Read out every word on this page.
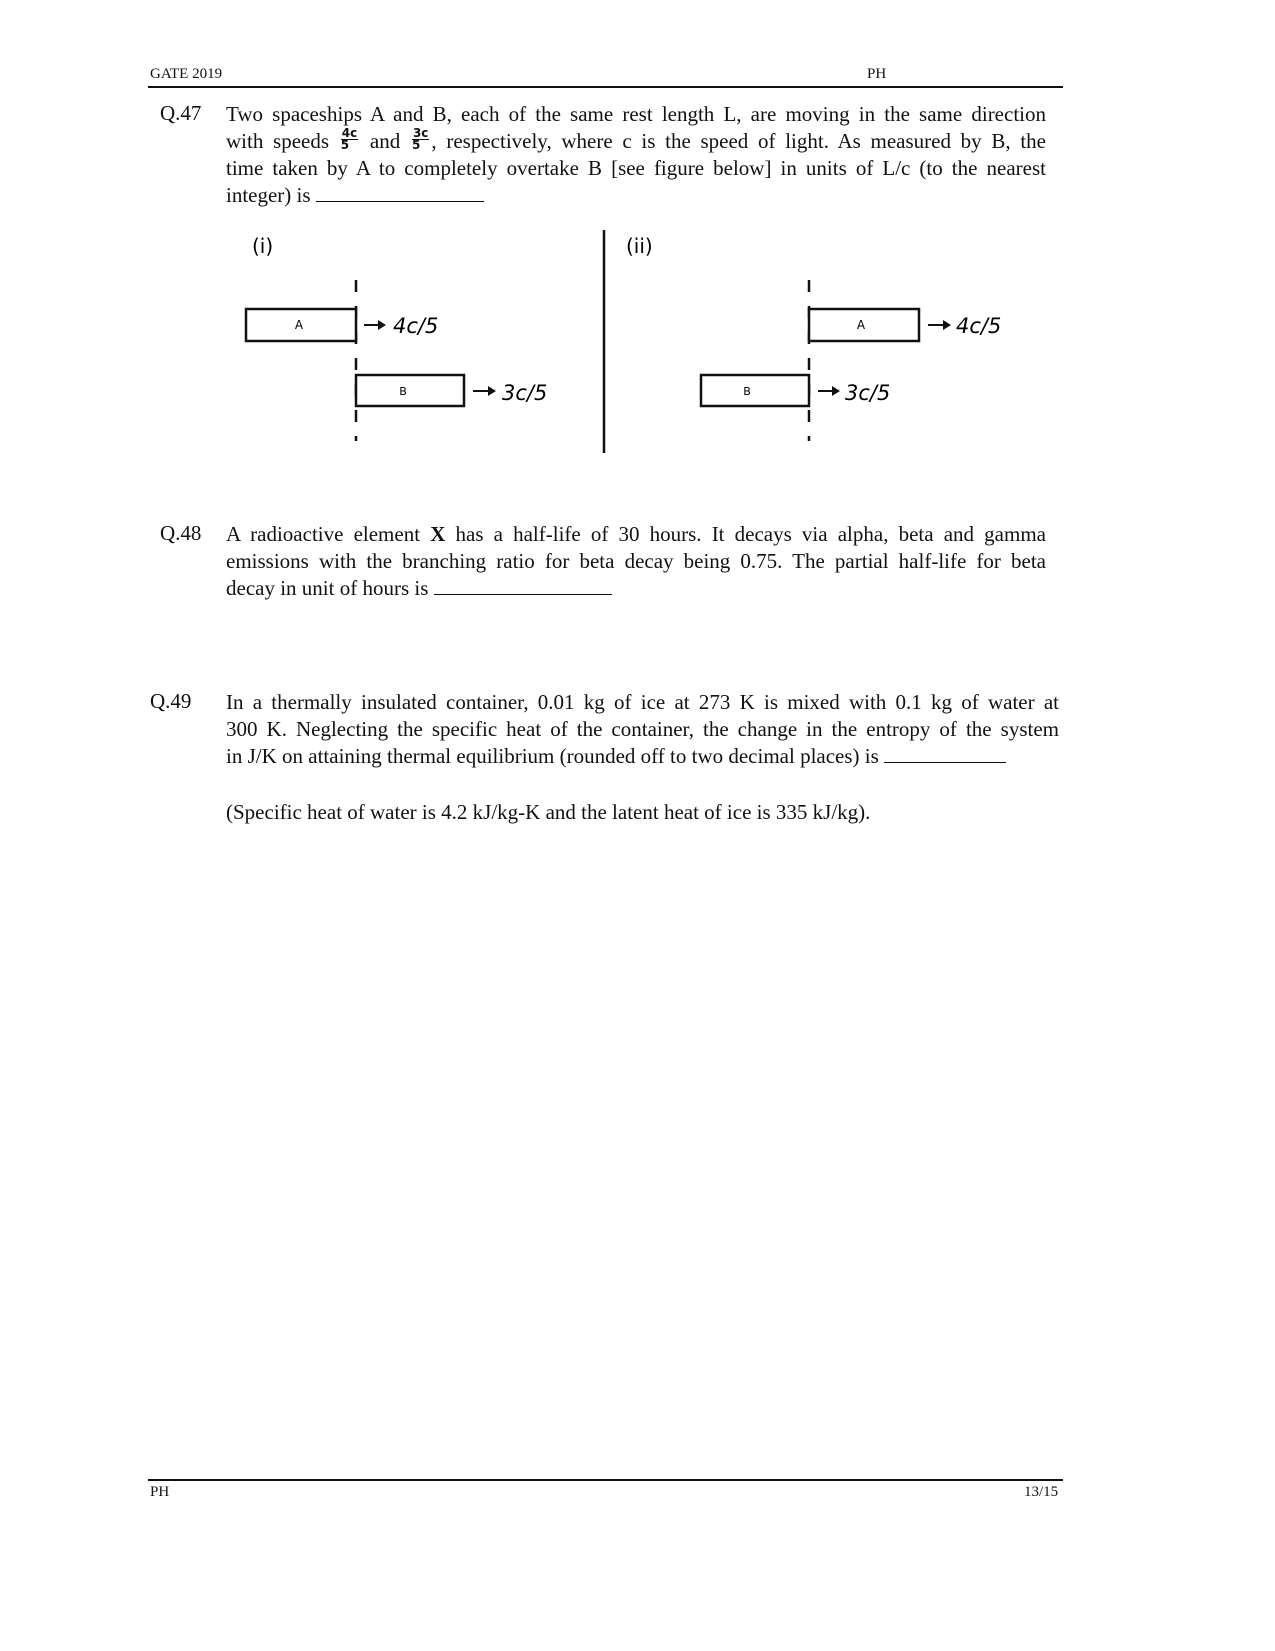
GATE 2019	PH
Q.47 Two spaceships A and B, each of the same rest length L, are moving in the same direction
with speeds $\frac{4c}{5}$ and $\frac{3c}{5}$ , respectively, where c is the speed of light. As measured by B, the
time taken by A to completely overtake B [see figure below] in units of L/c (to the nearest
integer) is
(i)	(ii)
A	4c/5
B	3c/5
A	4c/5
B	3c/5
Q.48 A radioactive element X has a half-life of 30 hours. It decays via alpha, beta and gamma
emissions with the branching ratio for beta decay being 0.75. The partial half-life for beta
decay in unit of hours is
Q.49 In a thermally insulated container, 0.01 kg of ice at 273 K is mixed with 0.1 kg of water at
300 K. Neglecting the specific heat of the container, the change in the entropy of the system
in J/K on attaining thermal equilibrium (rounded off to two decimal places) is
(Specific heat of water is 4.2 kJ/kg-K and the latent heat of ice is 335 kJ/kg).
PH	13/15
